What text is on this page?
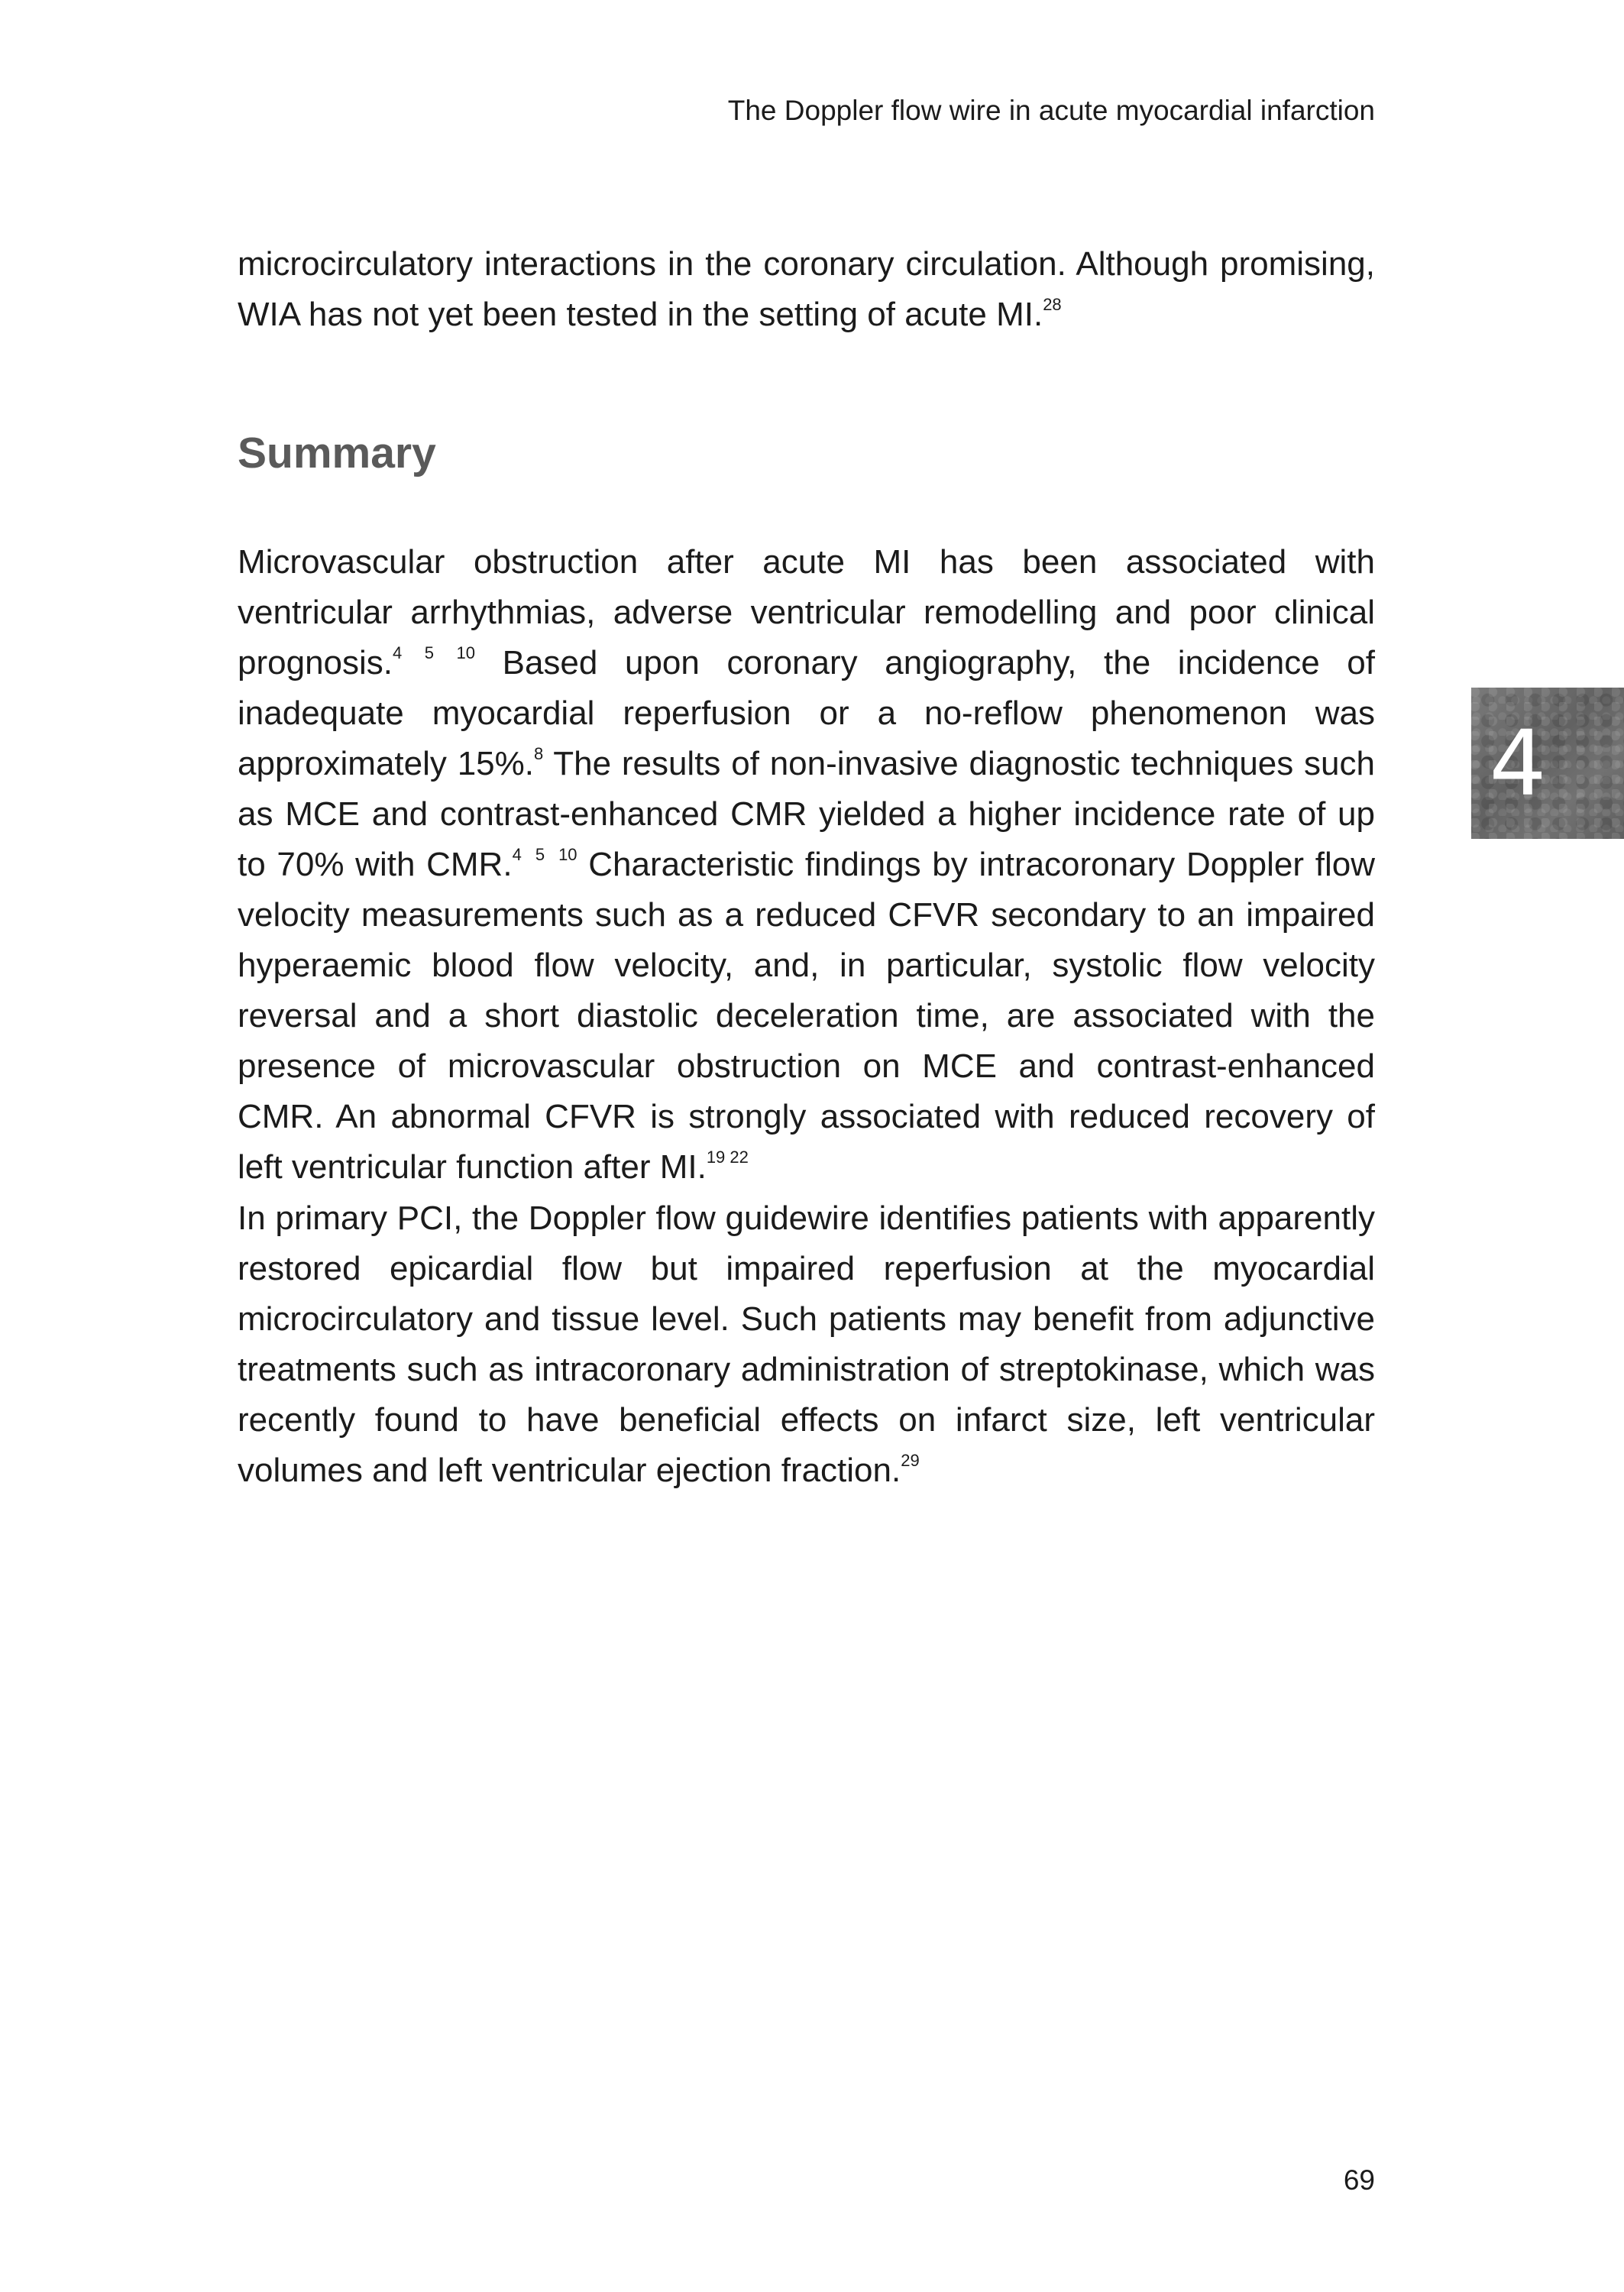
The Doppler flow wire in acute myocardial infarction

microcirculatory interactions in the coronary circulation. Although promising, WIA has not yet been tested in the setting of acute MI.$^{28}$

Summary

Microvascular obstruction after acute MI has been associated with ventricular arrhythmias, adverse ventricular remodelling and poor clinical prognosis.$^{4 5 10}$ Based upon coronary angiography, the incidence of inadequate myocardial reperfusion or a no-reflow phenomenon was approximately 15%.$^8$ The results of non-invasive diagnostic techniques such as MCE and contrast-enhanced CMR yielded a higher incidence rate of up to 70% with CMR.$^{4 5 10}$ Characteristic findings by intracoronary Doppler flow velocity measurements such as a reduced CFVR secondary to an impaired hyperaemic blood flow velocity, and, in particular, systolic flow velocity reversal and a short diastolic deceleration time, are associated with the presence of microvascular obstruction on MCE and contrast-enhanced CMR. An abnormal CFVR is strongly associated with reduced recovery of left ventricular function after MI.$^{19 22}$

In primary PCI, the Doppler flow guidewire identifies patients with apparently restored epicardial flow but impaired reperfusion at the myocardial microcirculatory and tissue level. Such patients may benefit from adjunctive treatments such as intracoronary administration of streptokinase, which was recently found to have beneficial effects on infarct size, left ventricular volumes and left ventricular ejection fraction.$^{29}$

4
69
